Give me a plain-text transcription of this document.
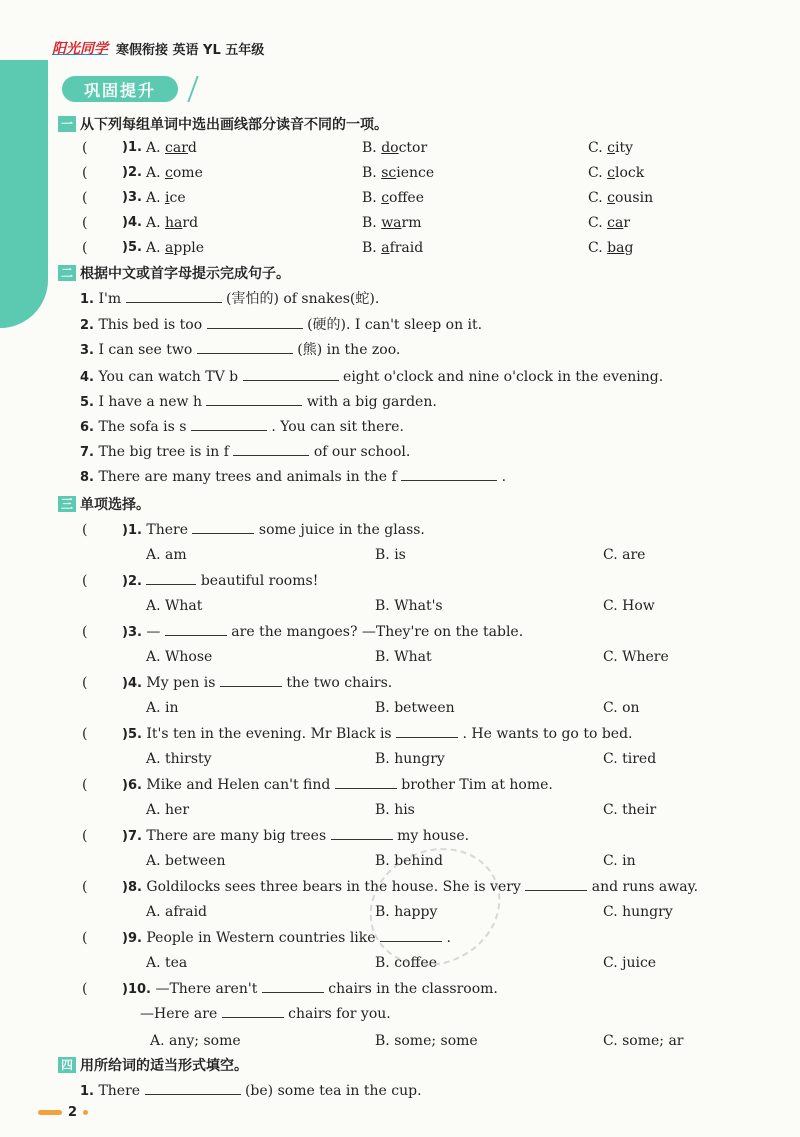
阳光同学 寒假衔接 英语 YL 五年级
巩固提升
一 从下列每组单词中选出画线部分读音不同的一项。
(	)1. A. card	B. doctor	C. city
(	)2. A. come	B. science	C. clock
(	)3. A. ice	B. coffee	C. cousin
(	)4. A. hard	B. warm	C. car
(	)5. A. apple	B. afraid	C. bag
二 根据中文或首字母提示完成句子。
1. I'm	(害怕的) of snakes(蛇).
2. This bed is too	(硬的). I can't sleep on it.
3. I can see two	(熊) in the zoo.
4. You can watch TV b	eight o'clock and nine o'clock in the evening.
5. I have a new h	with a big garden.
6. The sofa is s	. You can sit there.
7. The big tree is in f	of our school.
8. There are many trees and animals in the f	.
三 单项选择。
(	)1. There	some juice in the glass.
A. am	B. is	C. are
(	)2.	beautiful rooms!
A. What	B. What's	C. How
(	)3. —	are the mangoes? —They're on the table.
A. Whose	B. What	C. Where
(	)4. My pen is	the two chairs.
A. in	B. between	C. on
(	)5. It's ten in the evening. Mr Black is	. He wants to go to bed.
A. thirsty	B. hungry	C. tired
(	)6. Mike and Helen can't find	brother Tim at home.
A. her	B. his	C. their
(	)7. There are many big trees	my house.
A. between	B. behind	C. in
(	)8. Goldilocks sees three bears in the house. She is very	and runs away.
A. afraid	B. happy	C. hungry
(	)9. People in Western countries like	.
A. tea	B. coffee	C. juice
(	)10. —There aren't	chairs in the classroom.
—Here are	chairs for you.
A. any; some	B. some; some	C. some; ar
四 用所给词的适当形式填空。
1. There	(be) some tea in the cup.
2
